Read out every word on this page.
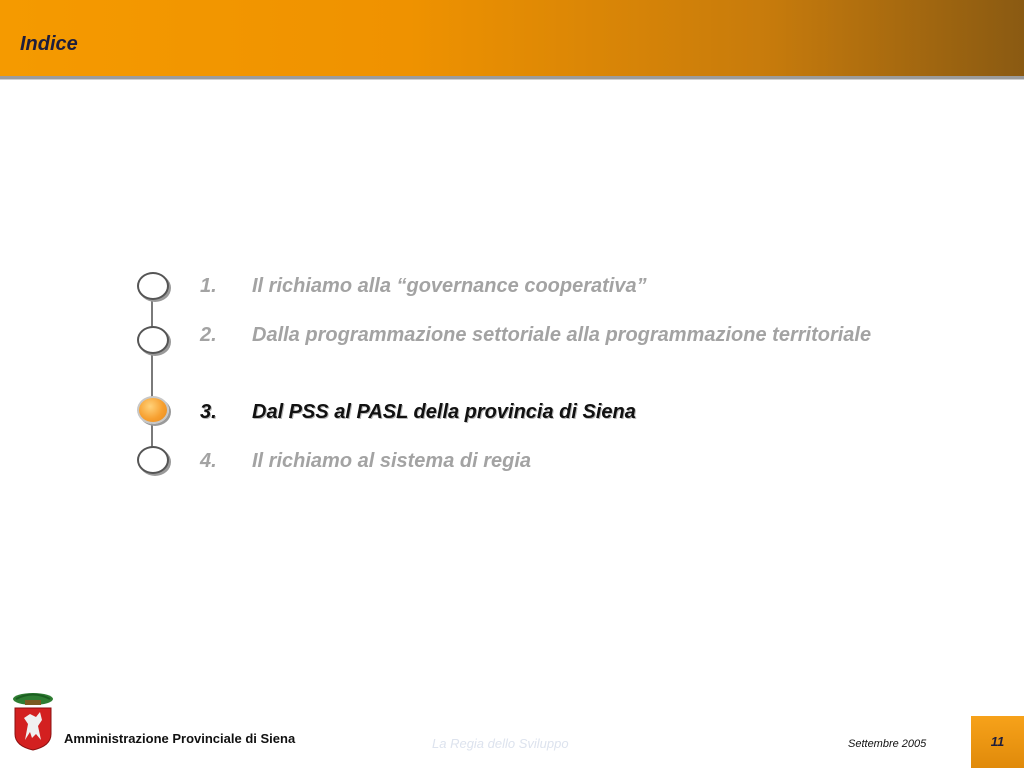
Indice
1.	Il richiamo alla “governance cooperativa”
2.	Dalla programmazione settoriale alla programmazione territoriale
3.	Dal PSS al PASL della provincia di Siena
4.	Il richiamo al sistema di regia
Amministrazione Provinciale di Siena	La Regia dello Sviluppo	Settembre 2005	11
